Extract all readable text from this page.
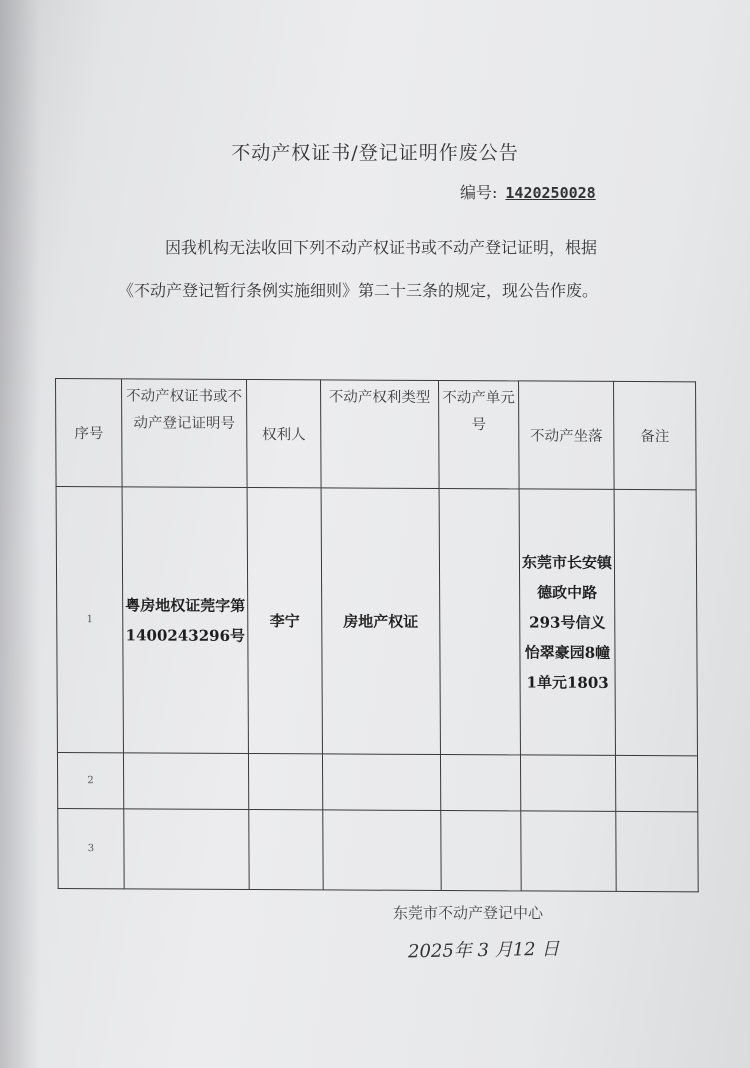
不动产权证书/登记证明作废公告
编号: 1420250028
因我机构无法收回下列不动产权证书或不动产登记证明，根据
《不动产登记暂行条例实施细则》第二十三条的规定，现公告作废。
序号	不动产权证书或不动产登记证明号	权利人	不动产权利类型	不动产单元号	不动产坐落	备注
1	粤房地权证莞字第1400243296号	李宁	房地产权证		东莞市长安镇德政中路293号信义怡翠豪园8幢1单元1803	
2						
3						
东莞市不动产登记中心
2025年 3 月12 日
